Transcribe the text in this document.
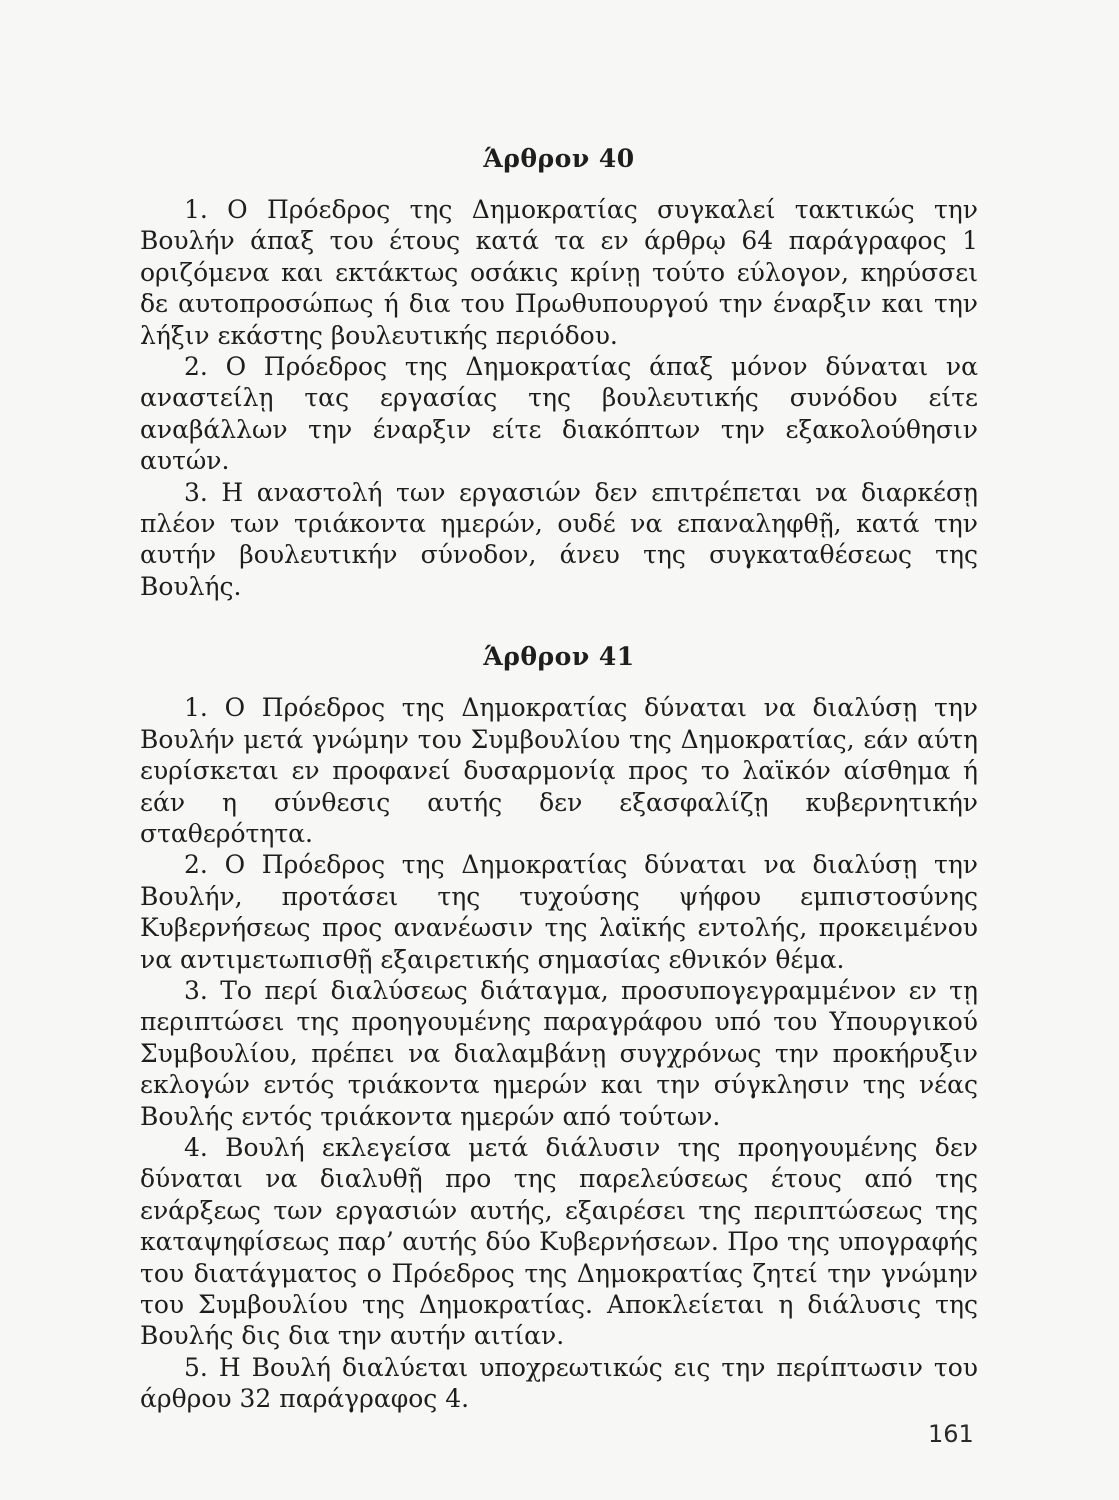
Άρθρον 40

1. Ο Πρόεδρος της Δημοκρατίας συγκαλεί τακτικώς την Βουλήν άπαξ του έτους κατά τα εν άρθρῳ 64 παράγραφος 1 οριζόμενα και εκτάκτως οσάκις κρίνῃ τούτο εύλογον, κηρύσσει δε αυτοπροσώπως ή δια του Πρωθυπουργού την έναρξιν και την λήξιν εκάστης βουλευτικής περιόδου.

2. Ο Πρόεδρος της Δημοκρατίας άπαξ μόνον δύναται να αναστείλῃ τας εργασίας της βουλευτικής συνόδου είτε αναβάλλων την έναρξιν είτε διακόπτων την εξακολούθησιν αυτών.

3. Η αναστολή των εργασιών δεν επιτρέπεται να διαρκέσῃ πλέον των τριάκοντα ημερών, ουδέ να επαναληφθῇ, κατά την αυτήν βουλευτικήν σύνοδον, άνευ της συγκαταθέσεως της Βουλής.

Άρθρον 41

1. Ο Πρόεδρος της Δημοκρατίας δύναται να διαλύσῃ την Βουλήν μετά γνώμην του Συμβουλίου της Δημοκρατίας, εάν αύτη ευρίσκεται εν προφανεί δυσαρμονίᾳ προς το λαϊκόν αίσθημα ή εάν η σύνθεσις αυτής δεν εξασφαλίζῃ κυβερνητικήν σταθερότητα.

2. Ο Πρόεδρος της Δημοκρατίας δύναται να διαλύσῃ την Βουλήν, προτάσει της τυχούσης ψήφου εμπιστοσύνης Κυβερνήσεως προς ανανέωσιν της λαϊκής εντολής, προκειμένου να αντιμετωπισθῇ εξαιρετικής σημασίας εθνικόν θέμα.

3. Το περί διαλύσεως διάταγμα, προσυπογεγραμμένον εν τῃ περιπτώσει της προηγουμένης παραγράφου υπό του Υπουργικού Συμβουλίου, πρέπει να διαλαμβάνῃ συγχρόνως την προκήρυξιν εκλογών εντός τριάκοντα ημερών και την σύγκλησιν της νέας Βουλής εντός τριάκοντα ημερών από τούτων.

4. Βουλή εκλεγείσα μετά διάλυσιν της προηγουμένης δεν δύναται να διαλυθῇ προ της παρελεύσεως έτους από της ενάρξεως των εργασιών αυτής, εξαιρέσει της περιπτώσεως της καταψηφίσεως παρ’ αυτής δύο Κυβερνήσεων. Προ της υπογραφής του διατάγματος ο Πρόεδρος της Δημοκρατίας ζητεί την γνώμην του Συμβουλίου της Δημοκρατίας. Αποκλείεται η διάλυσις της Βουλής δις δια την αυτήν αιτίαν.

5. Η Βουλή διαλύεται υποχρεωτικώς εις την περίπτωσιν του άρθρου 32 παράγραφος 4.

161
